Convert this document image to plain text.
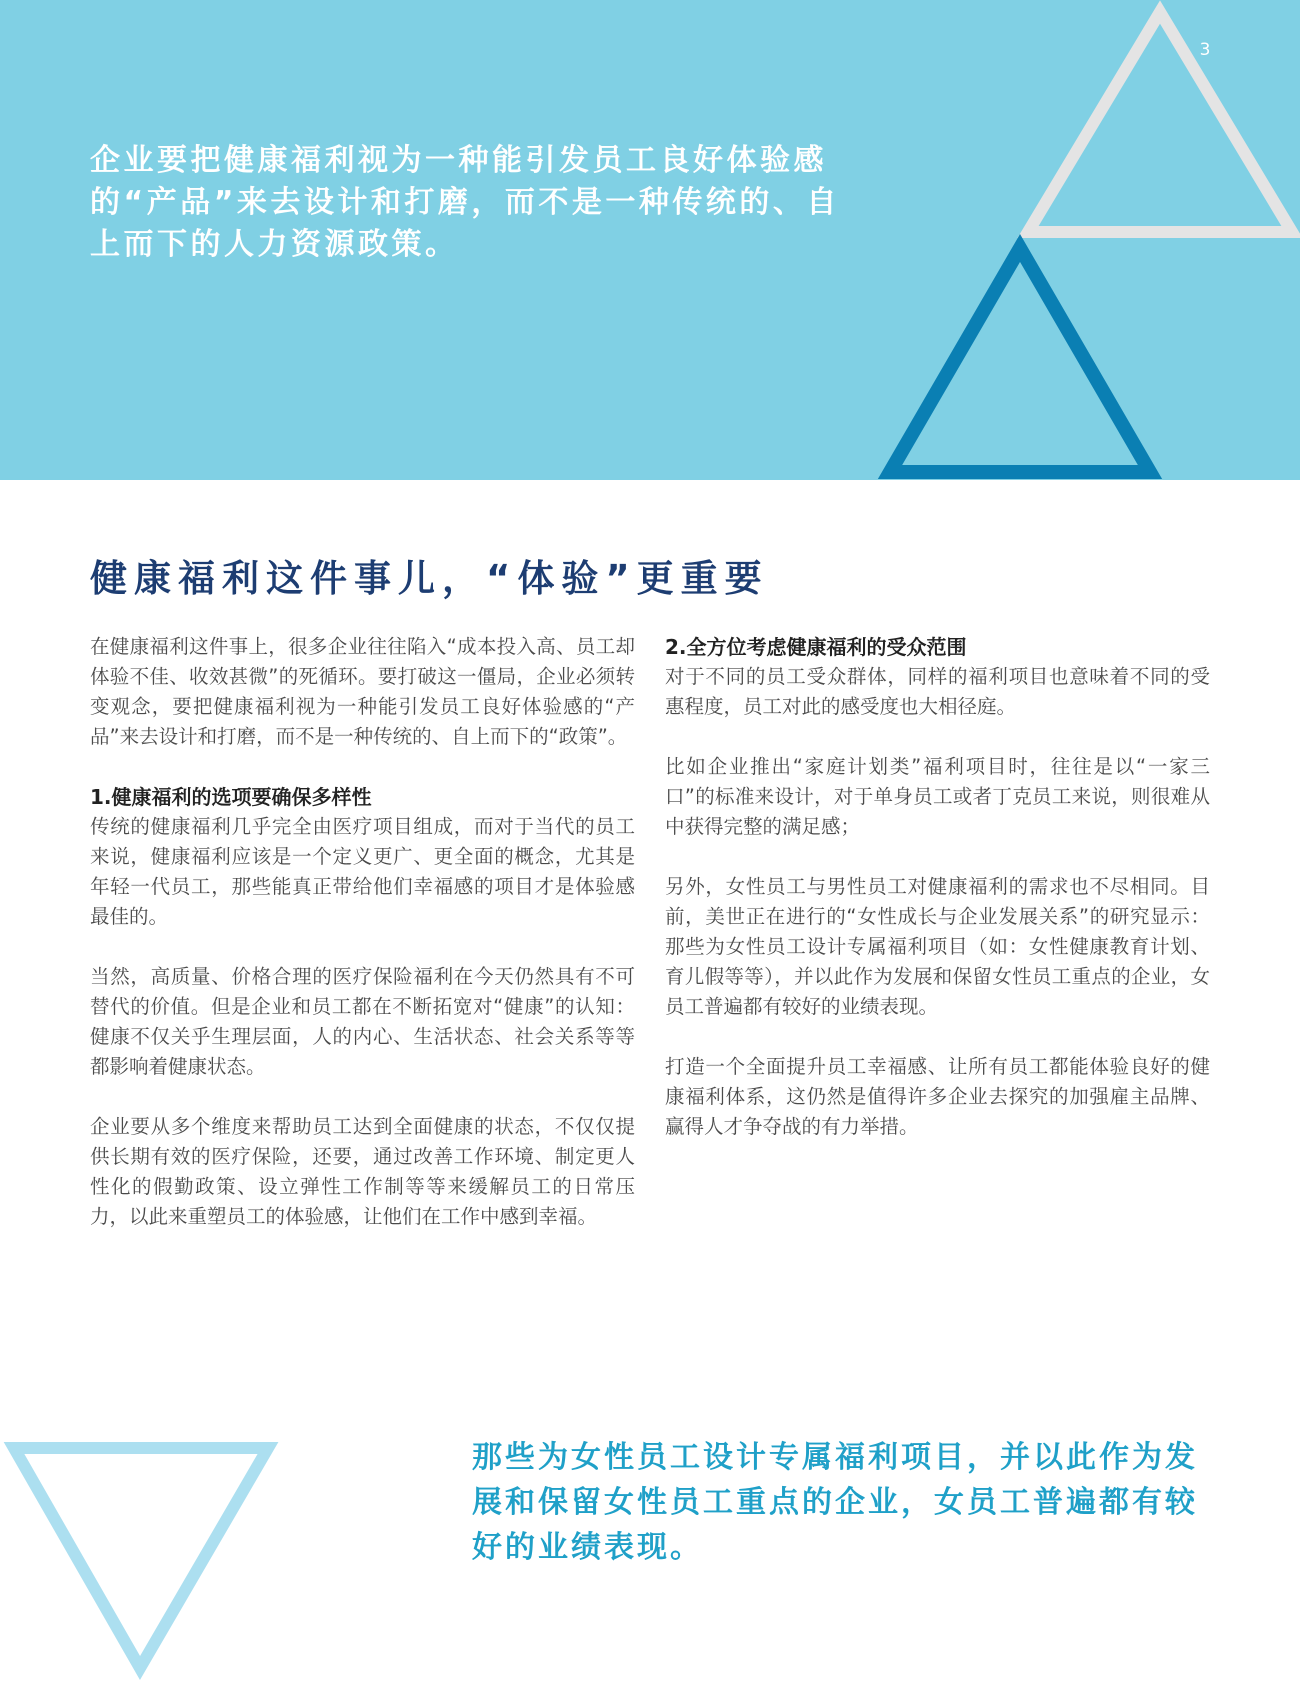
3

企业要把健康福利视为一种能引发员工良好体验感的“产品”来去设计和打磨，而不是一种传统的、自上而下的人力资源政策。

健康福利这件事儿，“体验”更重要

在健康福利这件事上，很多企业往往陷入“成本投入高、员工却体验不佳、收效甚微”的死循环。要打破这一僵局，企业必须转变观念，要把健康福利视为一种能引发员工良好体验感的“产品”来去设计和打磨，而不是一种传统的、自上而下的“政策”。

1.健康福利的选项要确保多样性

传统的健康福利几乎完全由医疗项目组成，而对于当代的员工来说，健康福利应该是一个定义更广、更全面的概念，尤其是年轻一代员工，那些能真正带给他们幸福感的项目才是体验感最佳的。

当然，高质量、价格合理的医疗保险福利在今天仍然具有不可替代的价值。但是企业和员工都在不断拓宽对“健康”的认知：健康不仅关乎生理层面，人的内心、生活状态、社会关系等等都影响着健康状态。

企业要从多个维度来帮助员工达到全面健康的状态，不仅仅提供长期有效的医疗保险，还要，通过改善工作环境、制定更人性化的假勤政策、设立弹性工作制等等来缓解员工的日常压力，以此来重塑员工的体验感，让他们在工作中感到幸福。

2.全方位考虑健康福利的受众范围

对于不同的员工受众群体，同样的福利项目也意味着不同的受惠程度，员工对此的感受度也大相径庭。

比如企业推出“家庭计划类”福利项目时，往往是以“一家三口”的标准来设计，对于单身员工或者丁克员工来说，则很难从中获得完整的满足感；

另外，女性员工与男性员工对健康福利的需求也不尽相同。目前，美世正在进行的“女性成长与企业发展关系”的研究显示：那些为女性员工设计专属福利项目（如：女性健康教育计划、育儿假等等），并以此作为发展和保留女性员工重点的企业，女员工普遍都有较好的业绩表现。

打造一个全面提升员工幸福感、让所有员工都能体验良好的健康福利体系，这仍然是值得许多企业去探究的加强雇主品牌、赢得人才争夺战的有力举措。

那些为女性员工设计专属福利项目，并以此作为发展和保留女性员工重点的企业，女员工普遍都有较好的业绩表现。
